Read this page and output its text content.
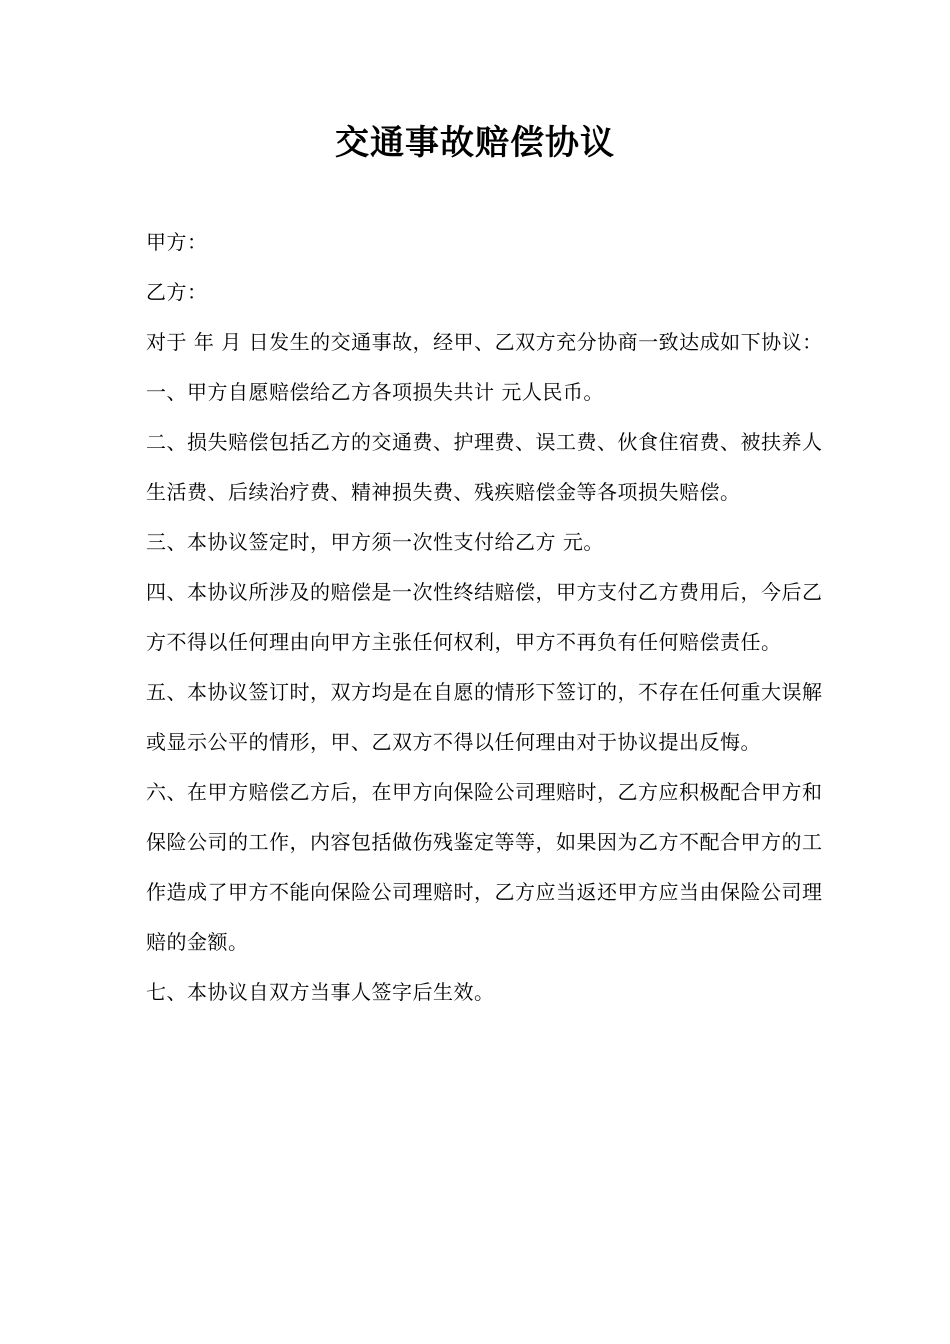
交通事故赔偿协议

甲方：

乙方：

对于 年 月 日发生的交通事故，经甲、乙双方充分协商一致达成如下协议：

一、甲方自愿赔偿给乙方各项损失共计 元人民币。

二、损失赔偿包括乙方的交通费、护理费、误工费、伙食住宿费、被扶养人生活费、后续治疗费、精神损失费、残疾赔偿金等各项损失赔偿。

三、本协议签定时，甲方须一次性支付给乙方 元。

四、本协议所涉及的赔偿是一次性终结赔偿，甲方支付乙方费用后，今后乙方不得以任何理由向甲方主张任何权利，甲方不再负有任何赔偿责任。

五、本协议签订时，双方均是在自愿的情形下签订的，不存在任何重大误解或显示公平的情形，甲、乙双方不得以任何理由对于协议提出反悔。

六、在甲方赔偿乙方后，在甲方向保险公司理赔时，乙方应积极配合甲方和保险公司的工作，内容包括做伤残鉴定等等，如果因为乙方不配合甲方的工作造成了甲方不能向保险公司理赔时，乙方应当返还甲方应当由保险公司理赔的金额。

七、本协议自双方当事人签字后生效。
